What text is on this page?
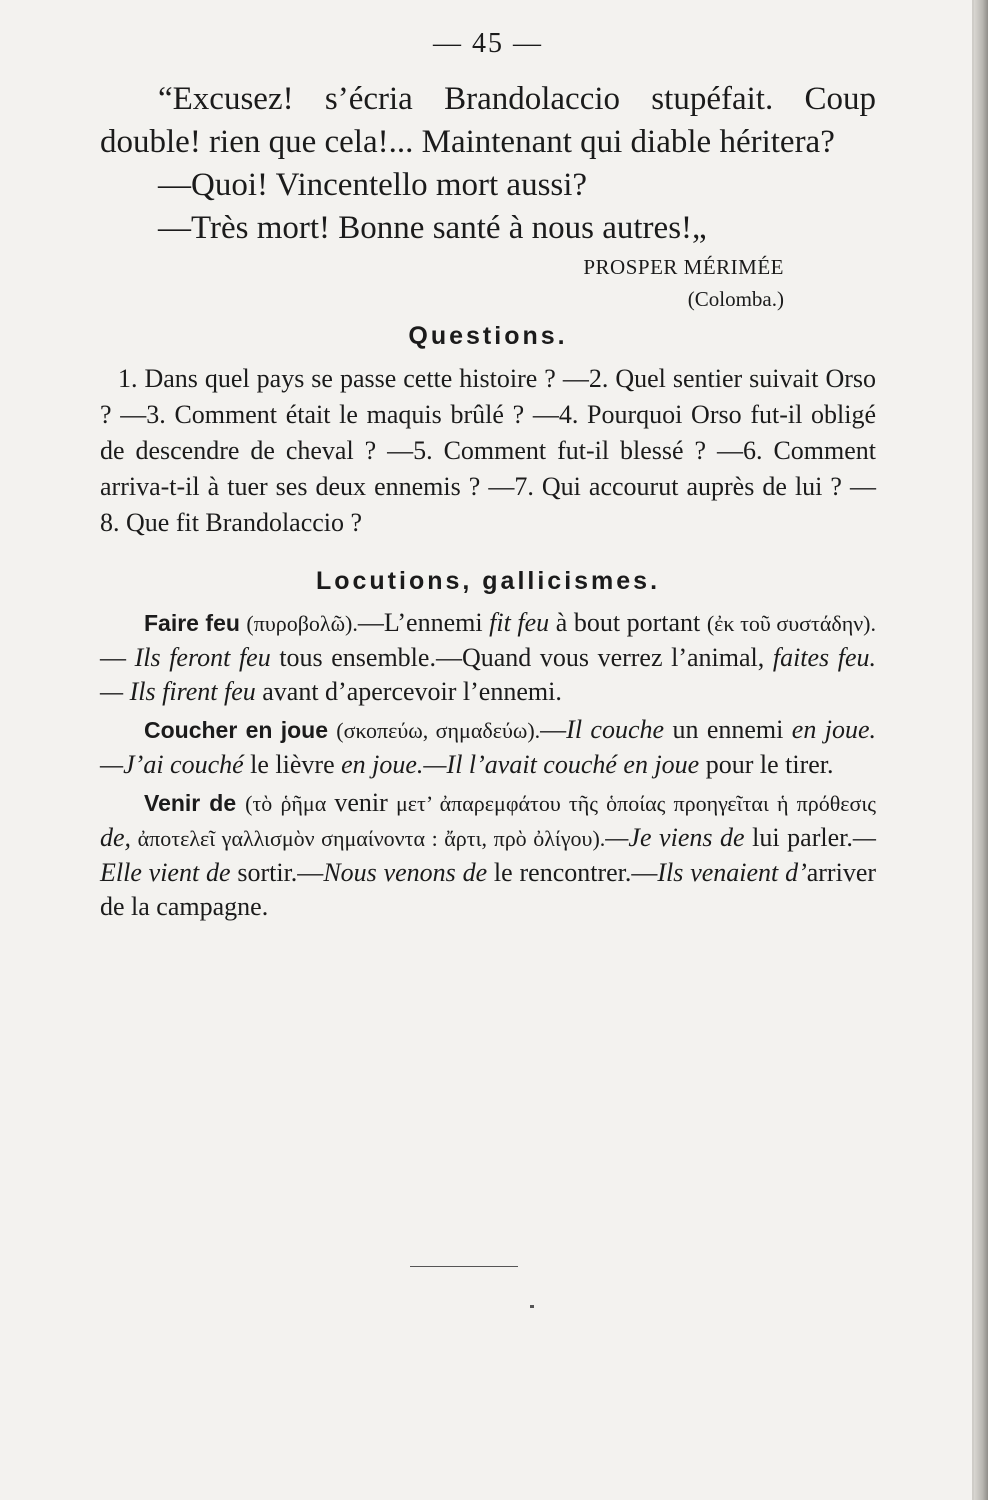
— 45 —

“Excusez! s’écria Brandolaccio stupéfait. Coup double! rien que cela!... Maintenant qui diable héritera?

—Quoi! Vincentello mort aussi?

—Très mort! Bonne santé à nous autres!„

PROSPER MÉRIMÉE
(Colomba.)
Questions.

1. Dans quel pays se passe cette histoire ? —2. Quel sentier suivait Orso ? —3. Comment était le maquis brûlé ? —4. Pourquoi Orso fut-il obligé de descendre de cheval ? —5. Comment fut-il blessé ? —6. Comment arriva-t-il à tuer ses deux ennemis ? —7. Qui accourut auprès de lui ? — 8. Que fit Brandolaccio ?

Locutions, gallicismes.

Faire feu (πυροβολῶ).—L’ennemi fit feu à bout portant (ἐκ τοῦ συστάδην).— Ils feront feu tous ensemble.—Quand vous verrez l’animal, faites feu.— Ils firent feu avant d’apercevoir l’ennemi.

Coucher en joue (σκοπεύω, σημαδεύω).—Il couche un ennemi en joue.—J’ai couché le lièvre en joue.—Il l’avait couché en joue pour le tirer.

Venir de (τὸ ῥῆμα venir μετ’ ἀπαρεμφάτου τῆς ὁποίας προηγεῖται ἡ πρόθεσις de, ἀποτελεῖ γαλλισμὸν σημαίνοντα : ἄρτι, πρὸ ὀλίγου).—Je viens de lui parler.—Elle vient de sortir.—Nous venons de le rencontrer.—Ils venaient d’arriver de la campagne.
